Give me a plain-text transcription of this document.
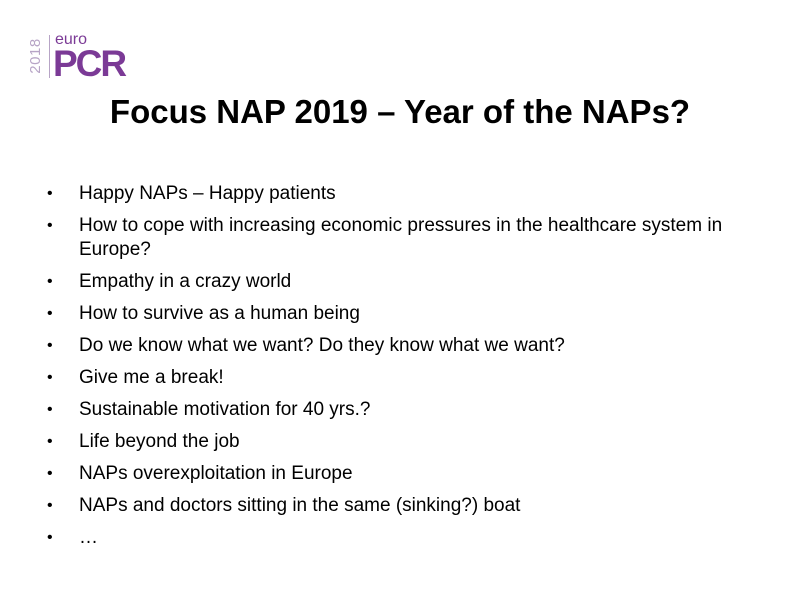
2018 euro
PCR
Focus NAP 2019 – Year of the NAPs?
• Happy NAPs – Happy patients
• How to cope with increasing economic pressures in the healthcare system in Europe?
• Empathy in a crazy world
• How to survive as a human being
• Do we know what we want? Do they know what we want?
• Give me a break!
• Sustainable motivation for 40 yrs.?
• Life beyond the job
• NAPs overexploitation in Europe
• NAPs and doctors sitting in the same (sinking?) boat
• …
